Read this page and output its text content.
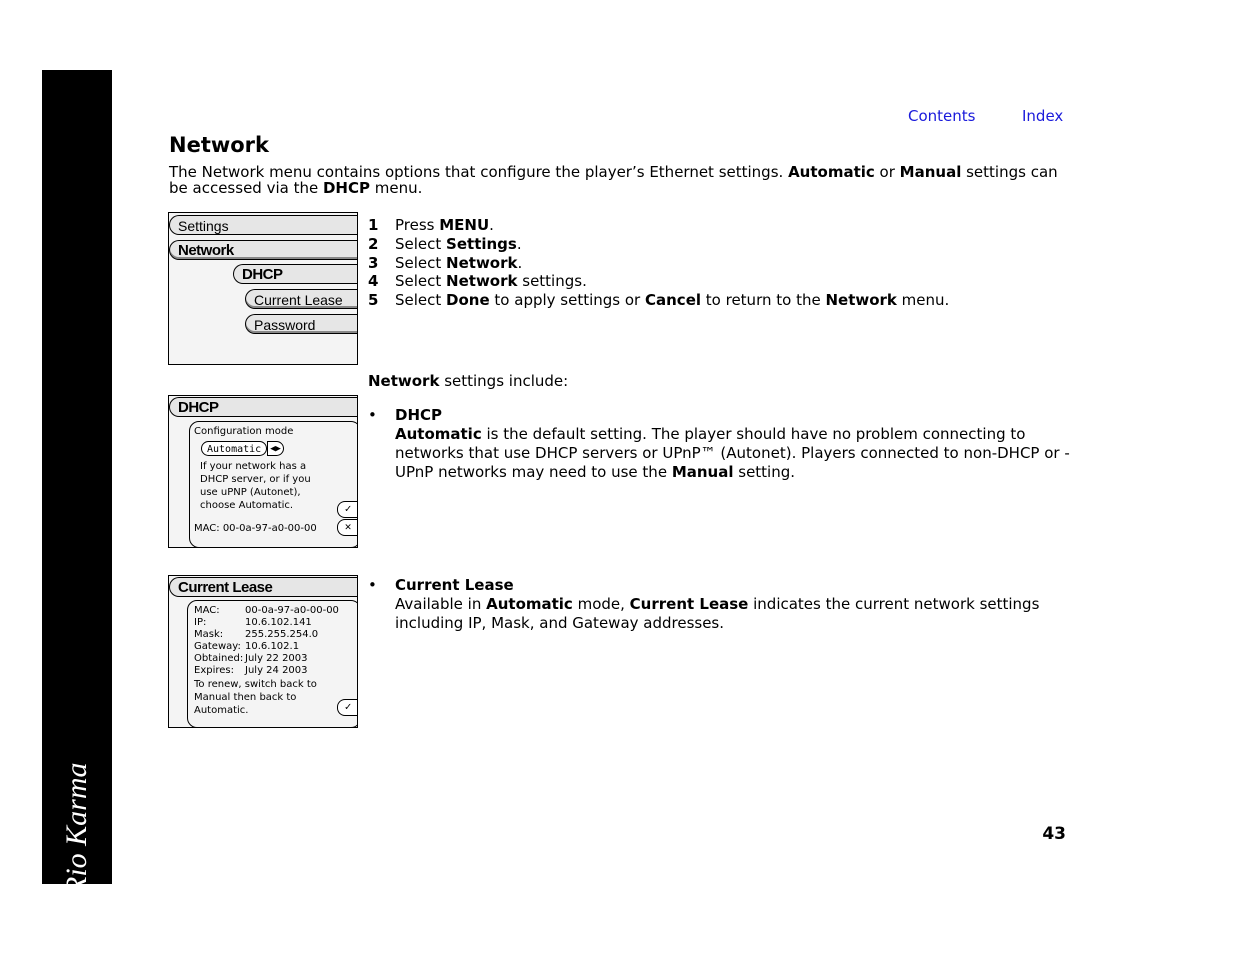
Rio Karma
Contents	Index
Network

The Network menu contains options that configure the player’s Ethernet settings. Automatic or Manual settings can be accessed via the DHCP menu.

1 Press MENU.
2 Select Settings.
3 Select Network.
4 Select Network settings.
5 Select Done to apply settings or Cancel to return to the Network menu.
Network settings include:
• DHCP
Automatic is the default setting. The player should have no problem connecting to networks that use DHCP servers or UPnP™ (Autonet). Players connected to non-DHCP or -UPnP networks may need to use the Manual setting.
• Current Lease
Available in Automatic mode, Current Lease indicates the current network settings including IP, Mask, and Gateway addresses.
Settings
Network
DHCP
Current Lease
Password
DHCP
Configuration mode
Automatic ◀▶
If your network has a
DHCP server, or if you
use uPNP (Autonet),
choose Automatic.
MAC: 00-0a-97-a0-00-00
✓
✕
Current Lease
MAC:	00-0a-97-a0-00-00
IP:	10.6.102.141
Mask: 255.255.254.0
Gateway: 10.6.102.1
Obtained: July 22 2003
Expires: July 24 2003
To renew, switch back to
Manual then back to
Automatic.	✓
43
